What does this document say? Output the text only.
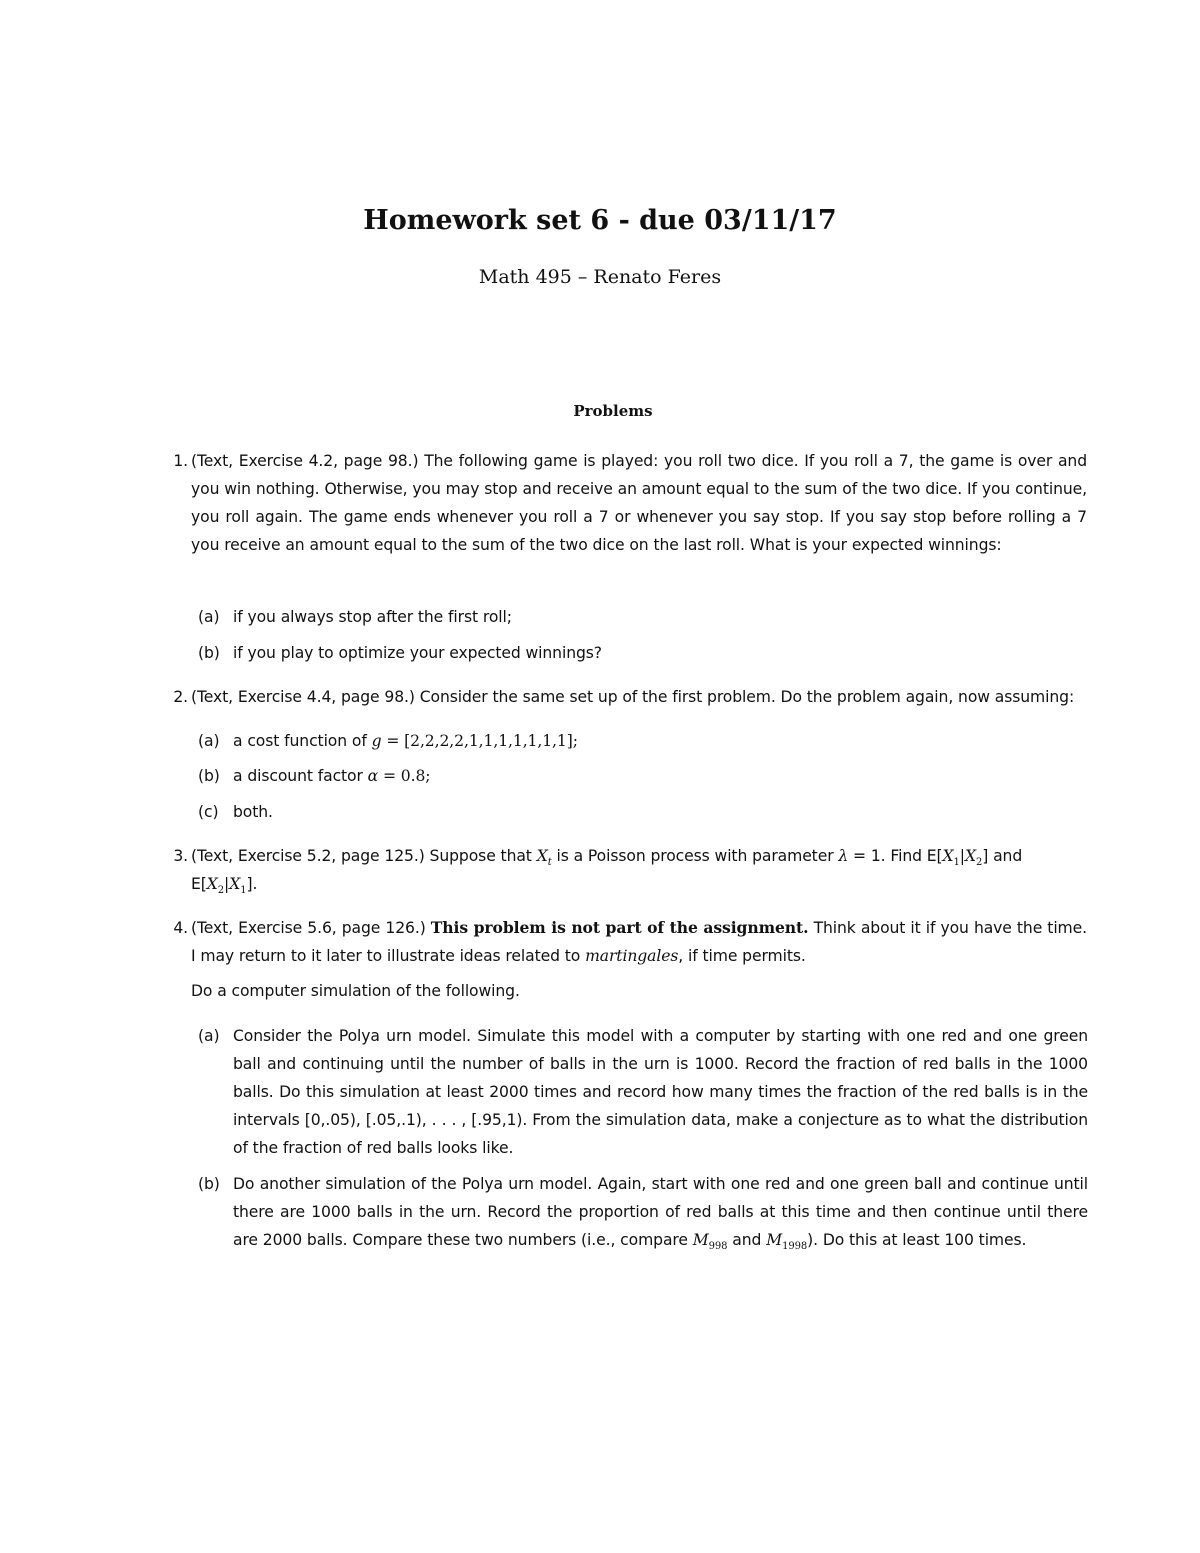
Homework set 6 - due 03/11/17
Math 495 – Renato Feres
Problems
1. (Text, Exercise 4.2, page 98.) The following game is played: you roll two dice. If you roll a 7, the game is over and you win nothing. Otherwise, you may stop and receive an amount equal to the sum of the two dice. If you continue, you roll again. The game ends whenever you roll a 7 or whenever you say stop. If you say stop before rolling a 7 you receive an amount equal to the sum of the two dice on the last roll. What is your expected winnings:

(a) if you always stop after the first roll;
(b) if you play to optimize your expected winnings?
2. (Text, Exercise 4.4, page 98.) Consider the same set up of the first problem. Do the problem again, now assuming:

(a) a cost function of g = [2,2,2,2,1,1,1,1,1,1,1];
(b) a discount factor α = 0.8;
(c) both.
3. (Text, Exercise 5.2, page 125.) Suppose that $X_t$ is a Poisson process with parameter λ = 1. Find $E[X_1|X_2]$ and
$E[X_2|X_1]$.

4. (Text, Exercise 5.6, page 126.) This problem is not part of the assignment. Think about it if you have the time. I may return to it later to illustrate ideas related to martingales, if time permits.

Do a computer simulation of the following.

(a) Consider the Polya urn model. Simulate this model with a computer by starting with one red and one green ball and continuing until the number of balls in the urn is 1000. Record the fraction of red balls in the 1000 balls. Do this simulation at least 2000 times and record how many times the fraction of the red balls is in the intervals [0,.05), [.05,.1), . . . , [.95,1). From the simulation data, make a conjecture as to what the distribution of the fraction of red balls looks like.
(b) Do another simulation of the Polya urn model. Again, start with one red and one green ball and continue until there are 1000 balls in the urn. Record the proportion of red balls at this time and then continue until there are 2000 balls. Compare these two numbers (i.e., compare $M_{998}$ and $M_{1998}$). Do this at least 100 times.
